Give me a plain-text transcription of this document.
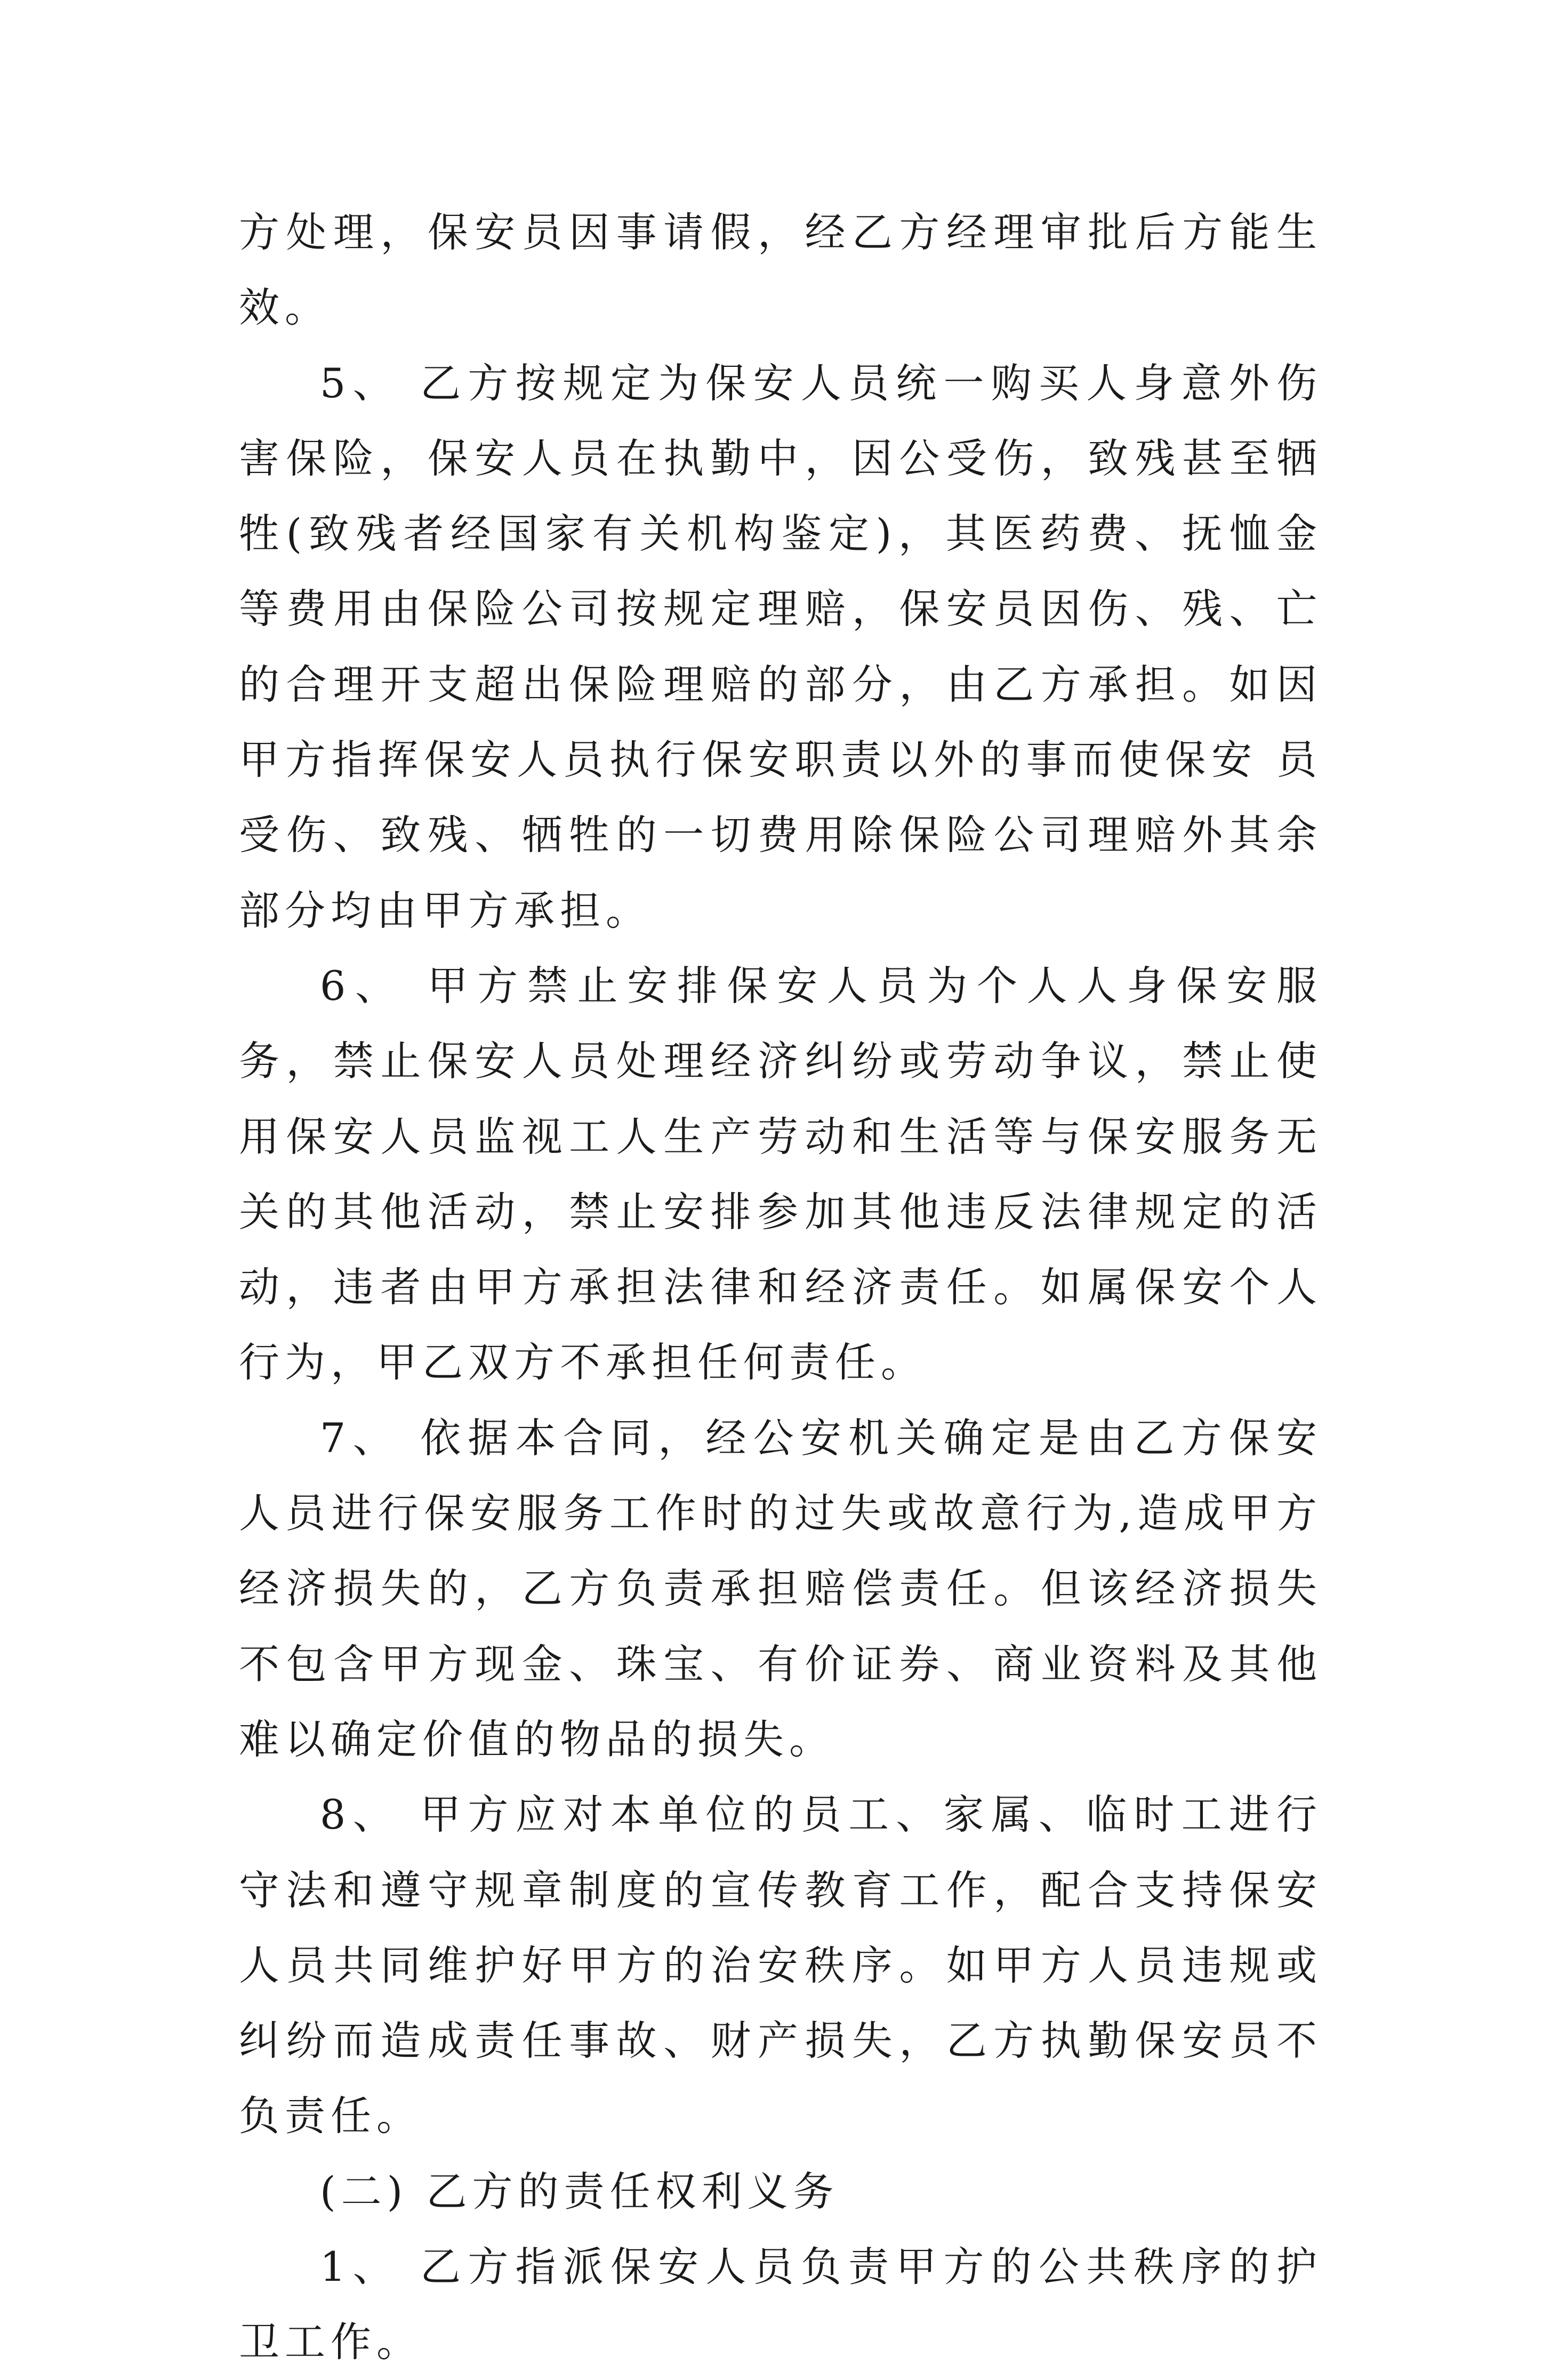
方处理，保安员因事请假，经乙方经理审批后方能生效。

5、 乙方按规定为保安人员统一购买人身意外伤害保险，保安人员在执勤中，因公受伤，致残甚至牺牲(致残者经国家有关机构鉴定)，其医药费、抚恤金等费用由保险公司按规定理赔，保安员因伤、残、亡的合理开支超出保险理赔的部分，由乙方承担。如因甲方指挥保安人员执行保安职责以外的事而使保安 员受伤、致残、牺牲的一切费用除保险公司理赔外其余部分均由甲方承担。

6、 甲方禁止安排保安人员为个人人身保安服务，禁止保安人员处理经济纠纷或劳动争议，禁止使用保安人员监视工人生产劳动和生活等与保安服务无关的其他活动，禁止安排参加其他违反法律规定的活动，违者由甲方承担法律和经济责任。如属保安个人行为，甲乙双方不承担任何责任。

7、 依据本合同，经公安机关确定是由乙方保安人员进行保安服务工作时的过失或故意行为,造成甲方经济损失的，乙方负责承担赔偿责任。但该经济损失不包含甲方现金、珠宝、有价证券、商业资料及其他难以确定价值的物品的损失。

8、 甲方应对本单位的员工、家属、临时工进行守法和遵守规章制度的宣传教育工作，配合支持保安人员共同维护好甲方的治安秩序。如甲方人员违规或纠纷而造成责任事故、财产损失，乙方执勤保安员不负责任。

(二) 乙方的责任权利义务

1、 乙方指派保安人员负责甲方的公共秩序的护卫工作。
